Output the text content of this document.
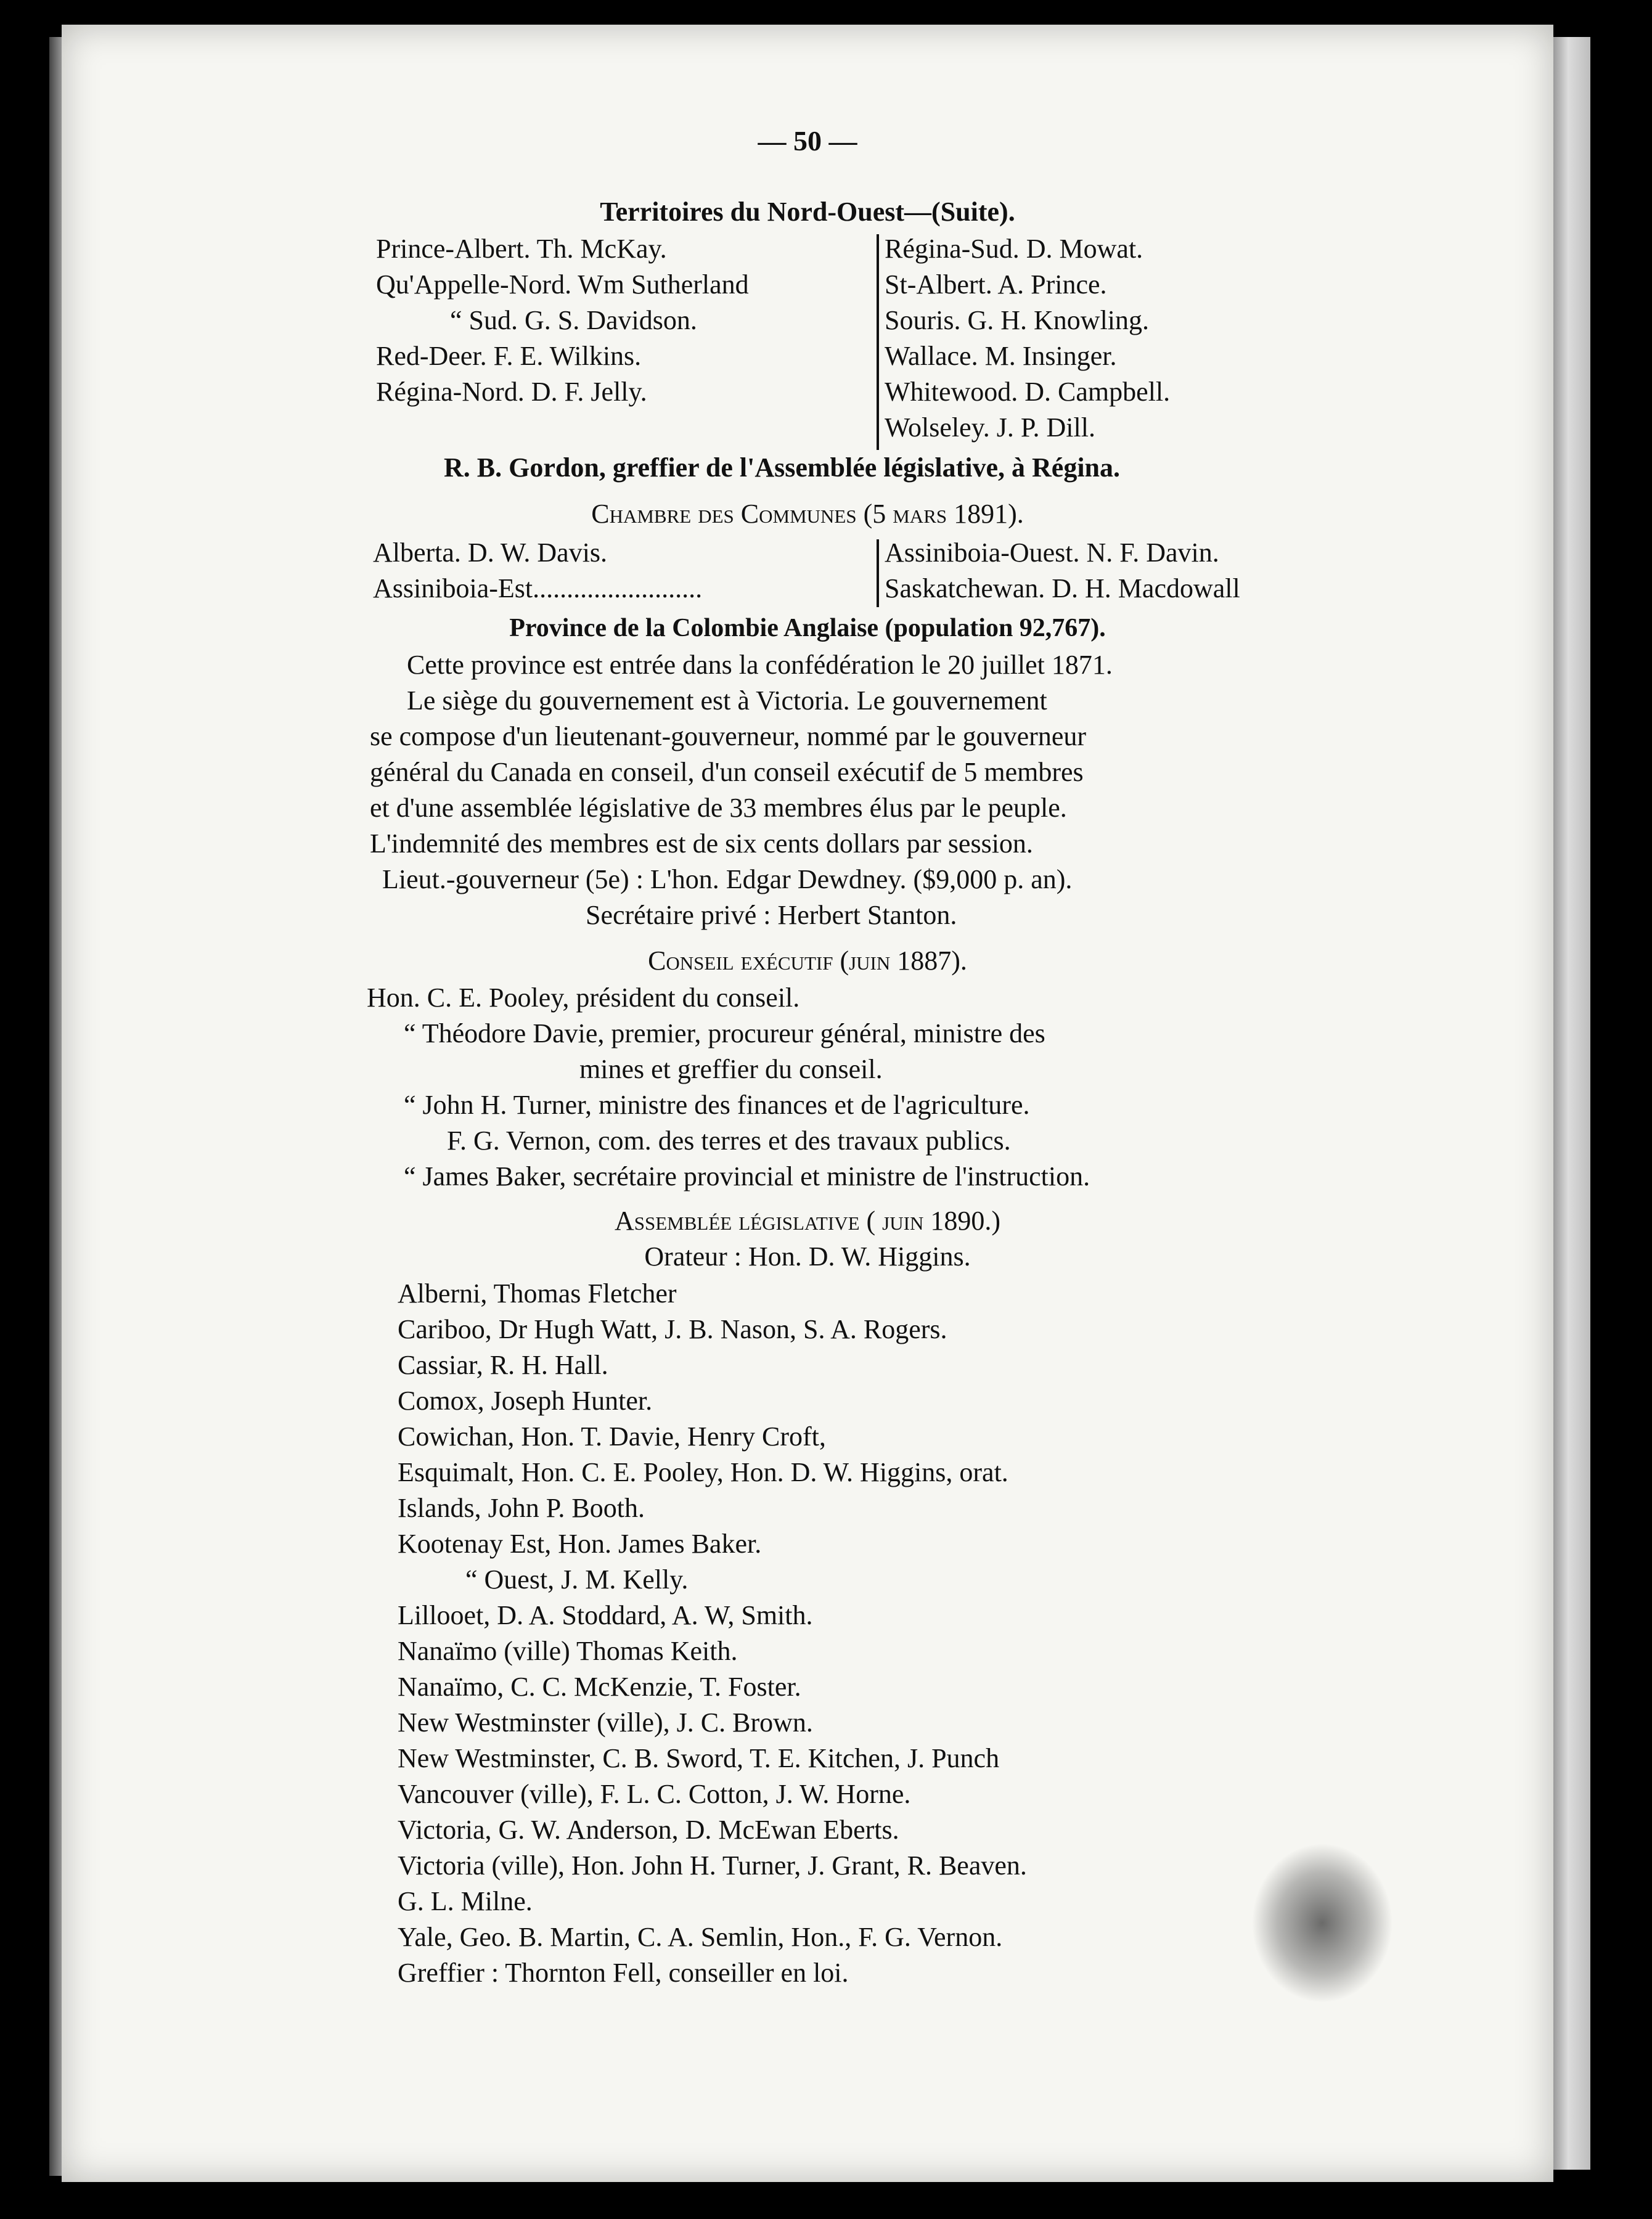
— 50 —
Territoires du Nord-Ouest—(Suite).
Prince-Albert. Th. McKay.
Qu'Appelle-Nord. Wm Sutherland
“ Sud. G. S. Davidson.
Red-Deer. F. E. Wilkins.
Régina-Nord. D. F. Jelly.
Régina-Sud. D. Mowat.
St-Albert. A. Prince.
Souris. G. H. Knowling.
Wallace. M. Insinger.
Whitewood. D. Campbell.
Wolseley. J. P. Dill.
R. B. Gordon, greffier de l'Assemblée législative, à Régina.
Chambre des Communes (5 mars 1891).
Alberta. D. W. Davis.
Assiniboia-Est.........................
Assiniboia-Ouest. N. F. Davin.
Saskatchewan. D. H. Macdowall
Province de la Colombie Anglaise (population 92,767).
Cette province est entrée dans la confédération le 20 juillet 1871.
Le siège du gouvernement est à Victoria. Le gouvernement
se compose d'un lieutenant-gouverneur, nommé par le gouverneur
général du Canada en conseil, d'un conseil exécutif de 5 membres
et d'une assemblée législative de 33 membres élus par le peuple.
L'indemnité des membres est de six cents dollars par session.
Lieut.-gouverneur (5e) : L'hon. Edgar Dewdney. ($9,000 p. an).
Secrétaire privé : Herbert Stanton.
Conseil exécutif (juin 1887).
Hon. C. E. Pooley, président du conseil.
“ Théodore Davie, premier, procureur général, ministre des
mines et greffier du conseil.
“ John H. Turner, ministre des finances et de l'agriculture.
F. G. Vernon, com. des terres et des travaux publics.
“ James Baker, secrétaire provincial et ministre de l'instruction.
Assemblée législative ( juin 1890.)
Orateur : Hon. D. W. Higgins.
Alberni, Thomas Fletcher
Cariboo, Dr Hugh Watt, J. B. Nason, S. A. Rogers.
Cassiar, R. H. Hall.
Comox, Joseph Hunter.
Cowichan, Hon. T. Davie, Henry Croft,
Esquimalt, Hon. C. E. Pooley, Hon. D. W. Higgins, orat.
Islands, John P. Booth.
Kootenay Est, Hon. James Baker.
“ Ouest, J. M. Kelly.
Lillooet, D. A. Stoddard, A. W, Smith.
Nanaïmo (ville) Thomas Keith.
Nanaïmo, C. C. McKenzie, T. Foster.
New Westminster (ville), J. C. Brown.
New Westminster, C. B. Sword, T. E. Kitchen, J. Punch
Vancouver (ville), F. L. C. Cotton, J. W. Horne.
Victoria, G. W. Anderson, D. McEwan Eberts.
Victoria (ville), Hon. John H. Turner, J. Grant, R. Beaven.
G. L. Milne.
Yale, Geo. B. Martin, C. A. Semlin, Hon., F. G. Vernon.
Greffier : Thornton Fell, conseiller en loi.
